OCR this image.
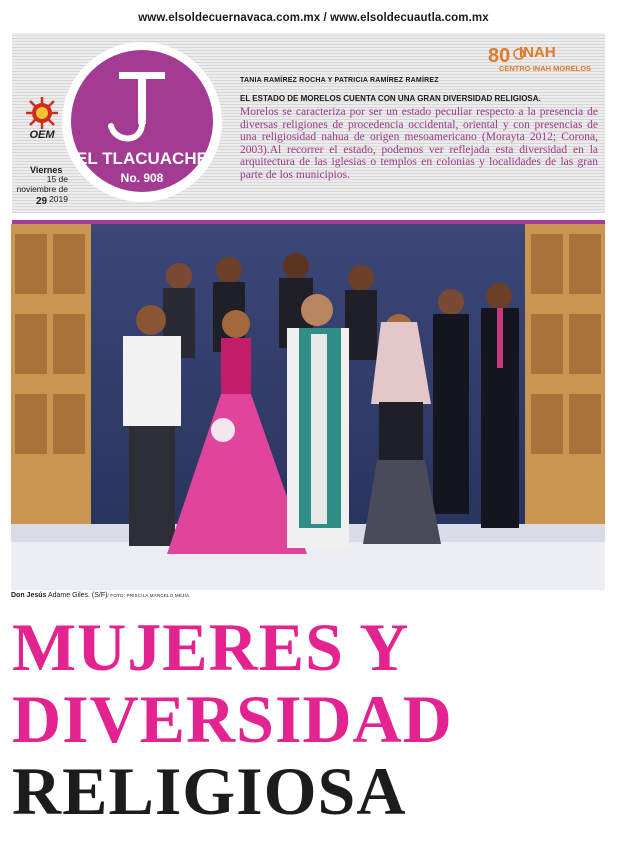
www.elsoldecuernavaca.com.mx / www.elsoldecuautla.com.mx
EL TLACUACHE
No. 908
OEM
Viernes
15 de noviembre de 2019
29
80 INAH
CENTRO INAH MORELOS
TANIA RAMÍREZ ROCHA Y PATRICIA RAMÍREZ RAMÍREZ
EL ESTADO DE MORELOS CUENTA CON UNA GRAN DIVERSIDAD RELIGIOSA.
Morelos se caracteriza por ser un estado peculiar respecto a la presencia de diversas religiones de procedencia occidental, oriental y con presencias de una religiosidad nahua de origen mesoamericano (Morayta 2012; Corona, 2003).Al recorrer el estado, podemos ver reflejada esta diversidad en la arquitectura de las iglesias o templos en colonias y localidades de las gran parte de los municipios.
Don Jesús Adame Giles. (S/F)/ FOTO: PRISCILA MARCELO MEJÍA.
MUJERES Y
DIVERSIDAD
RELIGIOSA
